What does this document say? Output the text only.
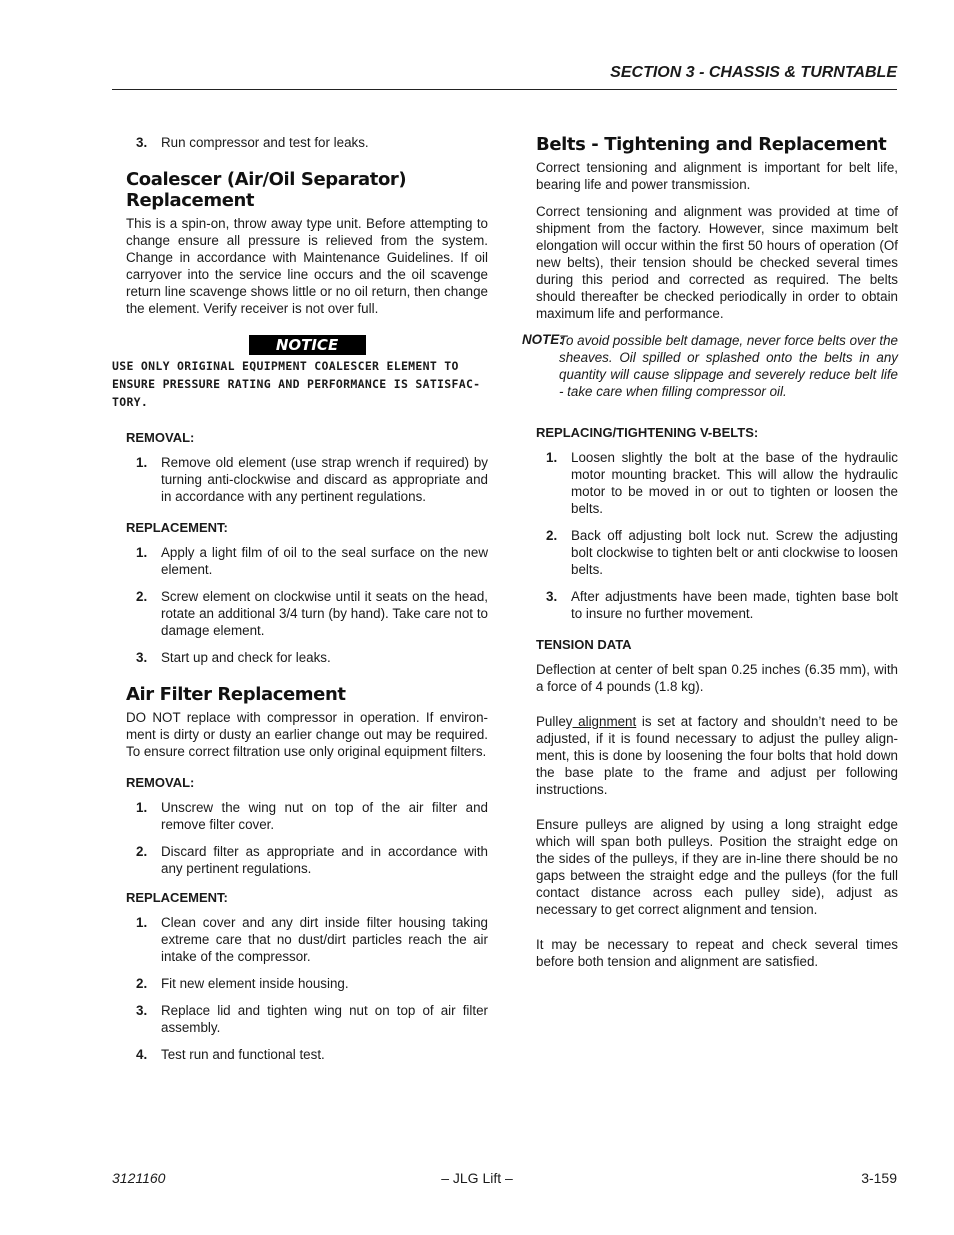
SECTION 3 - CHASSIS & TURNTABLE
3. Run compressor and test for leaks.
Coalescer (Air/Oil Separator) Replacement

This is a spin-on, throw away type unit. Before attempting to change ensure all pressure is relieved from the system. Change in accordance with Maintenance Guidelines. If oil carryover into the service line occurs and the oil scavenge return line scavenge shows little or no oil return, then change the element. Verify receiver is not over full.

NOTICE

USE ONLY ORIGINAL EQUIPMENT COALESCER ELEMENT TO ENSURE PRESSURE RATING AND PERFORMANCE IS SATISFAC-TORY.

REMOVAL:

1. Remove old element (use strap wrench if required) by turning anti-clockwise and discard as appropriate and in accordance with any pertinent regulations.

REPLACEMENT:

1. Apply a light film of oil to the seal surface on the new element.
2. Screw element on clockwise until it seats on the head, rotate an additional 3/4 turn (by hand). Take care not to damage element.
3. Start up and check for leaks.
Air Filter Replacement

DO NOT replace with compressor in operation. If environ-ment is dirty or dusty an earlier change out may be required. To ensure correct filtration use only original equipment filters.

REMOVAL:

1. Unscrew the wing nut on top of the air filter and remove filter cover.
2. Discard filter as appropriate and in accordance with any pertinent regulations.

REPLACEMENT:

1. Clean cover and any dirt inside filter housing taking extreme care that no dust/dirt particles reach the air intake of the compressor.
2. Fit new element inside housing.
3. Replace lid and tighten wing nut on top of air filter assembly.
4. Test run and functional test.
Belts - Tightening and Replacement

Correct tensioning and alignment is important for belt life, bearing life and power transmission.

Correct tensioning and alignment was provided at time of shipment from the factory. However, since maximum belt elongation will occur within the first 50 hours of operation (Of new belts), their tension should be checked several times during this period and corrected as required. The belts should thereafter be checked periodically in order to obtain maximum life and performance.

NOTE:

To avoid possible belt damage, never force belts over the sheaves. Oil spilled or splashed onto the belts in any quantity will cause slippage and severely reduce belt life - take care when filling compressor oil.

REPLACING/TIGHTENING V-BELTS:

1. Loosen slightly the bolt at the base of the hydraulic motor mounting bracket. This will allow the hydraulic motor to be moved in or out to tighten or loosen the belts.
2. Back off adjusting bolt lock nut. Screw the adjusting bolt clockwise to tighten belt or anti clockwise to loosen belts.
3. After adjustments have been made, tighten base bolt to insure no further movement.

TENSION DATA

Deflection at center of belt span 0.25 inches (6.35 mm), with a force of 4 pounds (1.8 kg).

Pulley alignment is set at factory and shouldn’t need to be adjusted, if it is found necessary to adjust the pulley align-ment, this is done by loosening the four bolts that hold down the base plate to the frame and adjust per following instructions.

Ensure pulleys are aligned by using a long straight edge which will span both pulleys. Position the straight edge on the sides of the pulleys, if they are in-line there should be no gaps between the straight edge and the pulleys (for the full contact distance across each pulley side), adjust as necessary to get correct alignment and tension.

It may be necessary to repeat and check several times before both tension and alignment are satisfied.

3121160	– JLG Lift –	3-159
